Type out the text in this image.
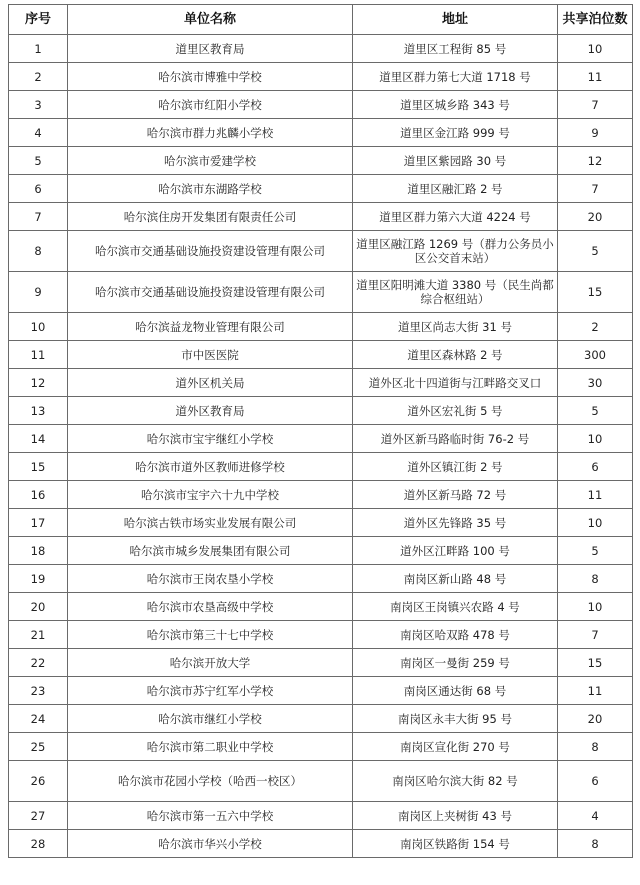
序号	单位名称	地址	共享泊位数
1	道里区教育局	道里区工程街 85 号	10
2	哈尔滨市博雅中学校	道里区群力第七大道 1718 号	11
3	哈尔滨市红阳小学校	道里区城乡路 343 号	7
4	哈尔滨市群力兆麟小学校	道里区金江路 999 号	9
5	哈尔滨市爱建学校	道里区紫园路 30 号	12
6	哈尔滨市东湖路学校	道里区融汇路 2 号	7
7	哈尔滨住房开发集团有限责任公司	道里区群力第六大道 4224 号	20
8	哈尔滨市交通基础设施投资建设管理有限公司	道里区融江路 1269 号（群力公务员小区公交首末站）	5
9	哈尔滨市交通基础设施投资建设管理有限公司	道里区阳明滩大道 3380 号（民生尚都综合枢纽站）	15
10	哈尔滨益龙物业管理有限公司	道里区尚志大街 31 号	2
11	市中医医院	道里区森林路 2 号	300
12	道外区机关局	道外区北十四道街与江畔路交叉口	30
13	道外区教育局	道外区宏礼街 5 号	5
14	哈尔滨市宝宇继红小学校	道外区新马路临时街 76-2 号	10
15	哈尔滨市道外区教师进修学校	道外区镇江街 2 号	6
16	哈尔滨市宝宇六十九中学校	道外区新马路 72 号	11
17	哈尔滨古铁市场实业发展有限公司	道外区先锋路 35 号	10
18	哈尔滨市城乡发展集团有限公司	道外区江畔路 100 号	5
19	哈尔滨市王岗农垦小学校	南岗区新山路 48 号	8
20	哈尔滨市农垦高级中学校	南岗区王岗镇兴农路 4 号	10
21	哈尔滨市第三十七中学校	南岗区哈双路 478 号	7
22	哈尔滨开放大学	南岗区一曼街 259 号	15
23	哈尔滨市苏宁红军小学校	南岗区通达街 68 号	11
24	哈尔滨市继红小学校	南岗区永丰大街 95 号	20
25	哈尔滨市第二职业中学校	南岗区宣化街 270 号	8
26	哈尔滨市花园小学校（哈西一校区）	南岗区哈尔滨大街 82 号	6
27	哈尔滨市第一五六中学校	南岗区上夹树街 43 号	4
28	哈尔滨市华兴小学校	南岗区铁路街 154 号	8
